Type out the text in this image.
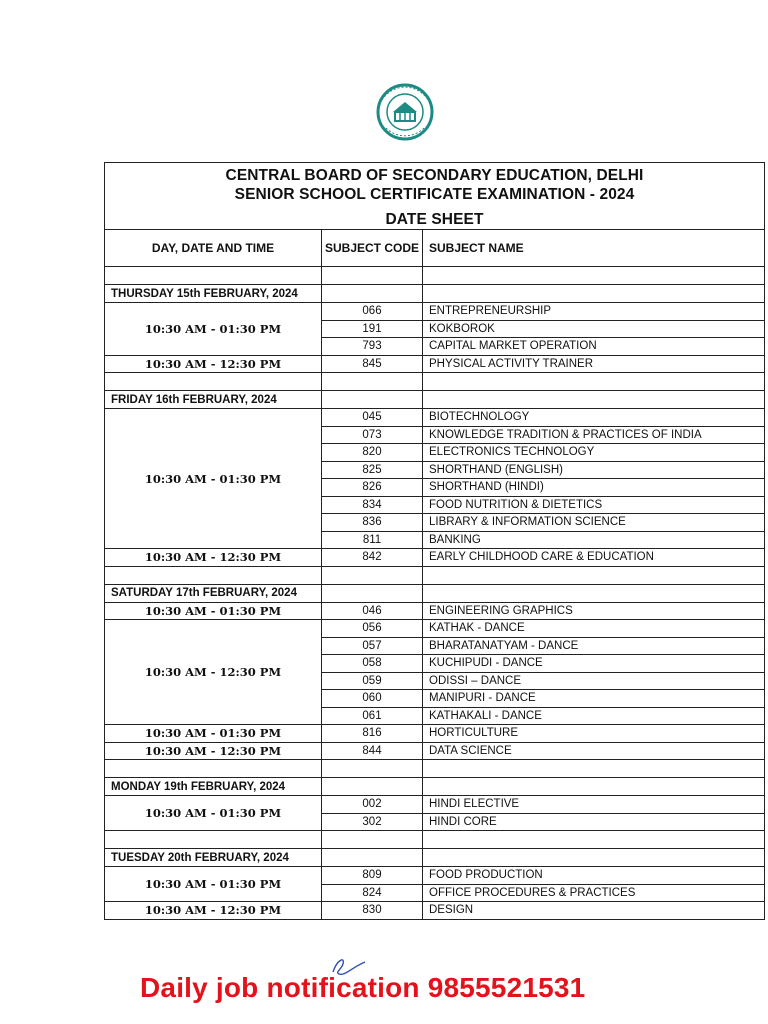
CENTRAL BOARD OF SECONDARY EDUCATION, DELHI
SENIOR SCHOOL CERTIFICATE EXAMINATION - 2024
DATE SHEET		

DAY, DATE AND TIME	SUBJECT CODE	SUBJECT NAME

THURSDAY 15th FEBRUARY, 2024		
10:30 AM - 01:30 PM	066	ENTREPRENEURSHIP
	191	KOKBOROK
	793	CAPITAL MARKET OPERATION
10:30 AM - 12:30 PM	845	PHYSICAL ACTIVITY TRAINER

FRIDAY 16th FEBRUARY, 2024		
10:30 AM - 01:30 PM	045	BIOTECHNOLOGY
	073	KNOWLEDGE TRADITION & PRACTICES OF INDIA
	820	ELECTRONICS TECHNOLOGY
	825	SHORTHAND (ENGLISH)
	826	SHORTHAND (HINDI)
	834	FOOD NUTRITION & DIETETICS
	836	LIBRARY & INFORMATION SCIENCE
	811	BANKING
10:30 AM - 12:30 PM	842	EARLY CHILDHOOD CARE & EDUCATION

SATURDAY 17th FEBRUARY, 2024		
10:30 AM - 01:30 PM	046	ENGINEERING GRAPHICS
10:30 AM - 12:30 PM	056	KATHAK - DANCE
	057	BHARATANATYAM - DANCE
	058	KUCHIPUDI - DANCE
	059	ODISSI – DANCE
	060	MANIPURI - DANCE
	061	KATHAKALI - DANCE
10:30 AM - 01:30 PM	816	HORTICULTURE
10:30 AM - 12:30 PM	844	DATA SCIENCE

MONDAY 19th FEBRUARY, 2024		
10:30 AM - 01:30 PM	002	HINDI ELECTIVE
	302	HINDI CORE

TUESDAY 20th FEBRUARY, 2024		
10:30 AM - 01:30 PM	809	FOOD PRODUCTION
	824	OFFICE PROCEDURES & PRACTICES
10:30 AM - 12:30 PM	830	DESIGN
Daily job notification 9855521531
